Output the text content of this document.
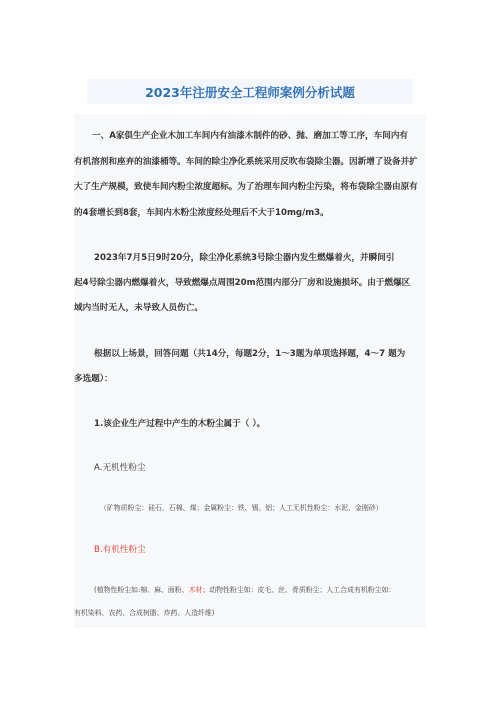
2023年注册安全工程师案例分析试题
一、A家俱生产企业木加工车间内有油漆木制件的砂、抛、磨加工等工序，车间内有
有机溶剂和座弃的油漆桶等。车间的除尘净化系统采用反吹布袋除尘器。因新增了设备并扩
大了生产规模，致使车间内粉尘浓度超标。为了治理车间内粉尘污染，将布袋除尘器由原有
的4套增长到8套，车间内木粉尘浓度经处理后不大于10mg/m3。
2023年7月5日9时20分，除尘净化系统3号除尘器内发生燃爆着火，并瞬间引
起4号除尘器内燃爆着火，导致燃爆点周围20m范围内部分厂房和设施损坏。由于燃爆区
域内当时无人，未导致人员伤亡。
根据以上场景，回答问题（共14分，每题2分，1～3题为单项选择题，4～7 题为
多选题）：
1.该企业生产过程中产生的木粉尘属于（ ）。
A.无机性粉尘
（矿物质粉尘：硅石、石棉、煤；金属粉尘：铁、锡、铝；人工无机性粉尘：水泥、金刚砂）
B.有机性粉尘
(植物性粉尘如:棉、麻、面粉、木材；动物性粉尘如：皮毛、丝、骨质粉尘；人工合成有机粉尘如：
有机染料、农药、合成树脂、炸药、人造纤维)
